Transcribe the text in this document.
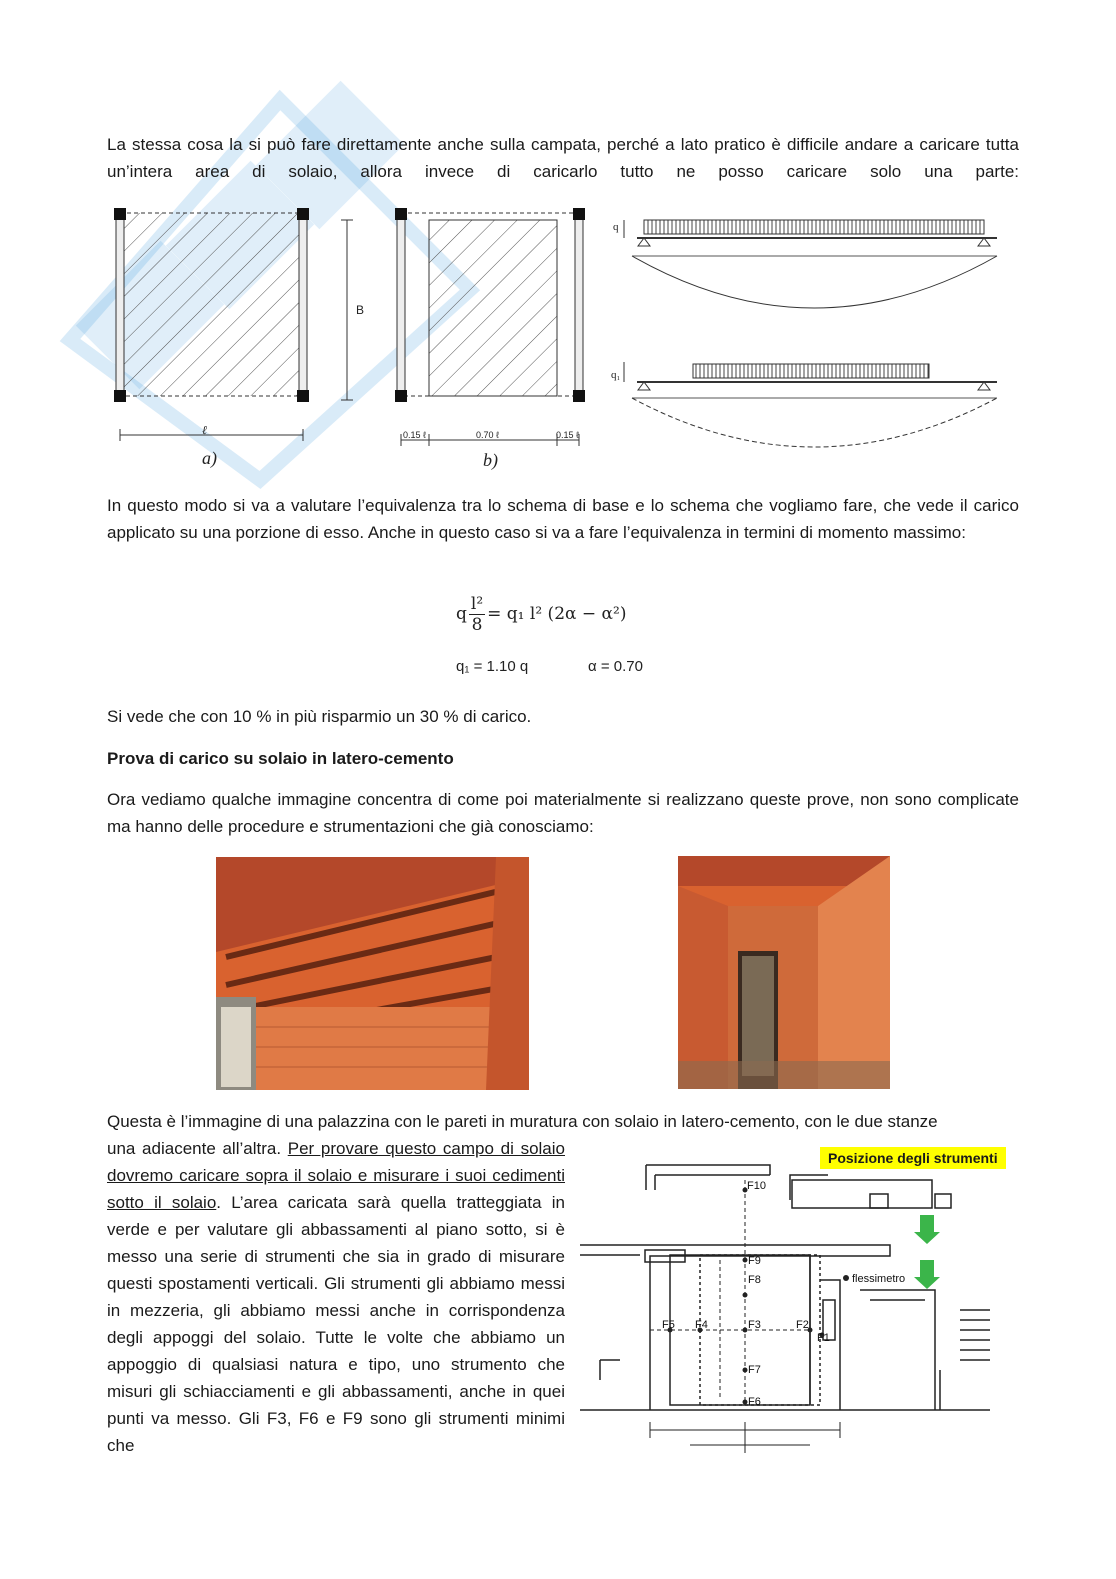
La stessa cosa la si può fare direttamente anche sulla campata, perché a lato pratico è difficile andare a caricare tutta un’intera area di solaio, allora invece di caricarlo tutto ne posso caricare solo una parte:

B
ℓ
a)
0.15 ℓ	0.70 ℓ	0.15 ℓ
b)
q
q₁

In questo modo si va a valutare l’equivalenza tra lo schema di base e lo schema che vogliamo fare, che vede il carico applicato su una porzione di esso. Anche in questo caso si va a fare l’equivalenza in termini di momento massimo:

q $\frac{\text{l²}}{8} = q_1$ l² (2α − α²)
q₁ = 1.10 q	α = 0.70

Si vede che con 10 % in più risparmio un 30 % di carico.

Prova di carico su solaio in latero-cemento

Ora vediamo qualche immagine concentra di come poi materialmente si realizzano queste prove, non sono complicate ma hanno delle procedure e strumentazioni che già conosciamo:

Questa è l’immagine di una palazzina con le pareti in muratura con solaio in latero-cemento, con le due stanze

una adiacente all’altra. Per provare questo campo di solaio dovremo caricare sopra il solaio e misurare i suoi cedimenti sotto il solaio. L’area caricata sarà quella tratteggiata in verde e per valutare gli abbassamenti al piano sotto, si è messo una serie di strumenti che sia in grado di misurare questi spostamenti verticali. Gli strumenti gli abbiamo messi in mezzeria, gli abbiamo messi anche in corrispondenza degli appoggi del solaio. Tutte le volte che abbiamo un appoggio di qualsiasi natura e tipo, uno strumento che misuri gli schiacciamenti e gli abbassamenti, anche in quei punti va messo. Gli F3, F6 e F9 sono gli strumenti minimi che

Posizione degli strumenti
F10
F9
F8
F3
F4
F5	F2
F1
F7
F6
flessimetro
